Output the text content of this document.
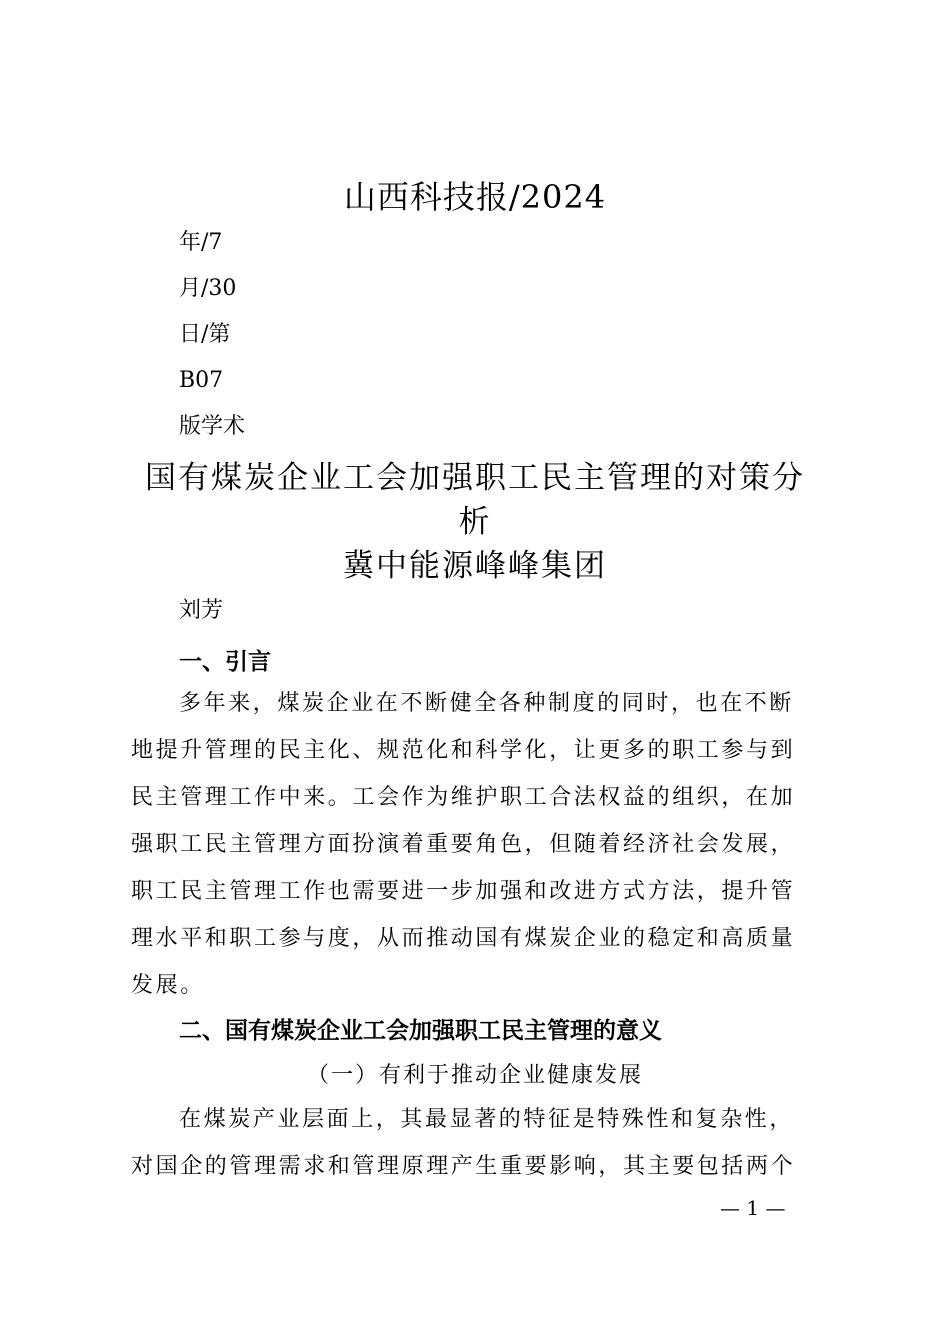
山西科技报/2024
年/7
月/30
日/第
B07
版学术
国有煤炭企业工会加强职工民主管理的对策分
析
冀中能源峰峰集团
刘芳
一、引言
多年来，煤炭企业在不断健全各种制度的同时，也在不断
地提升管理的民主化、规范化和科学化，让更多的职工参与到
民主管理工作中来。工会作为维护职工合法权益的组织，在加
强职工民主管理方面扮演着重要角色，但随着经济社会发展，
职工民主管理工作也需要进一步加强和改进方式方法，提升管
理水平和职工参与度，从而推动国有煤炭企业的稳定和高质量
发展。
二、国有煤炭企业工会加强职工民主管理的意义
（一）有利于推动企业健康发展
在煤炭产业层面上，其最显著的特征是特殊性和复杂性，
对国企的管理需求和管理原理产生重要影响，其主要包括两个
— 1 —
